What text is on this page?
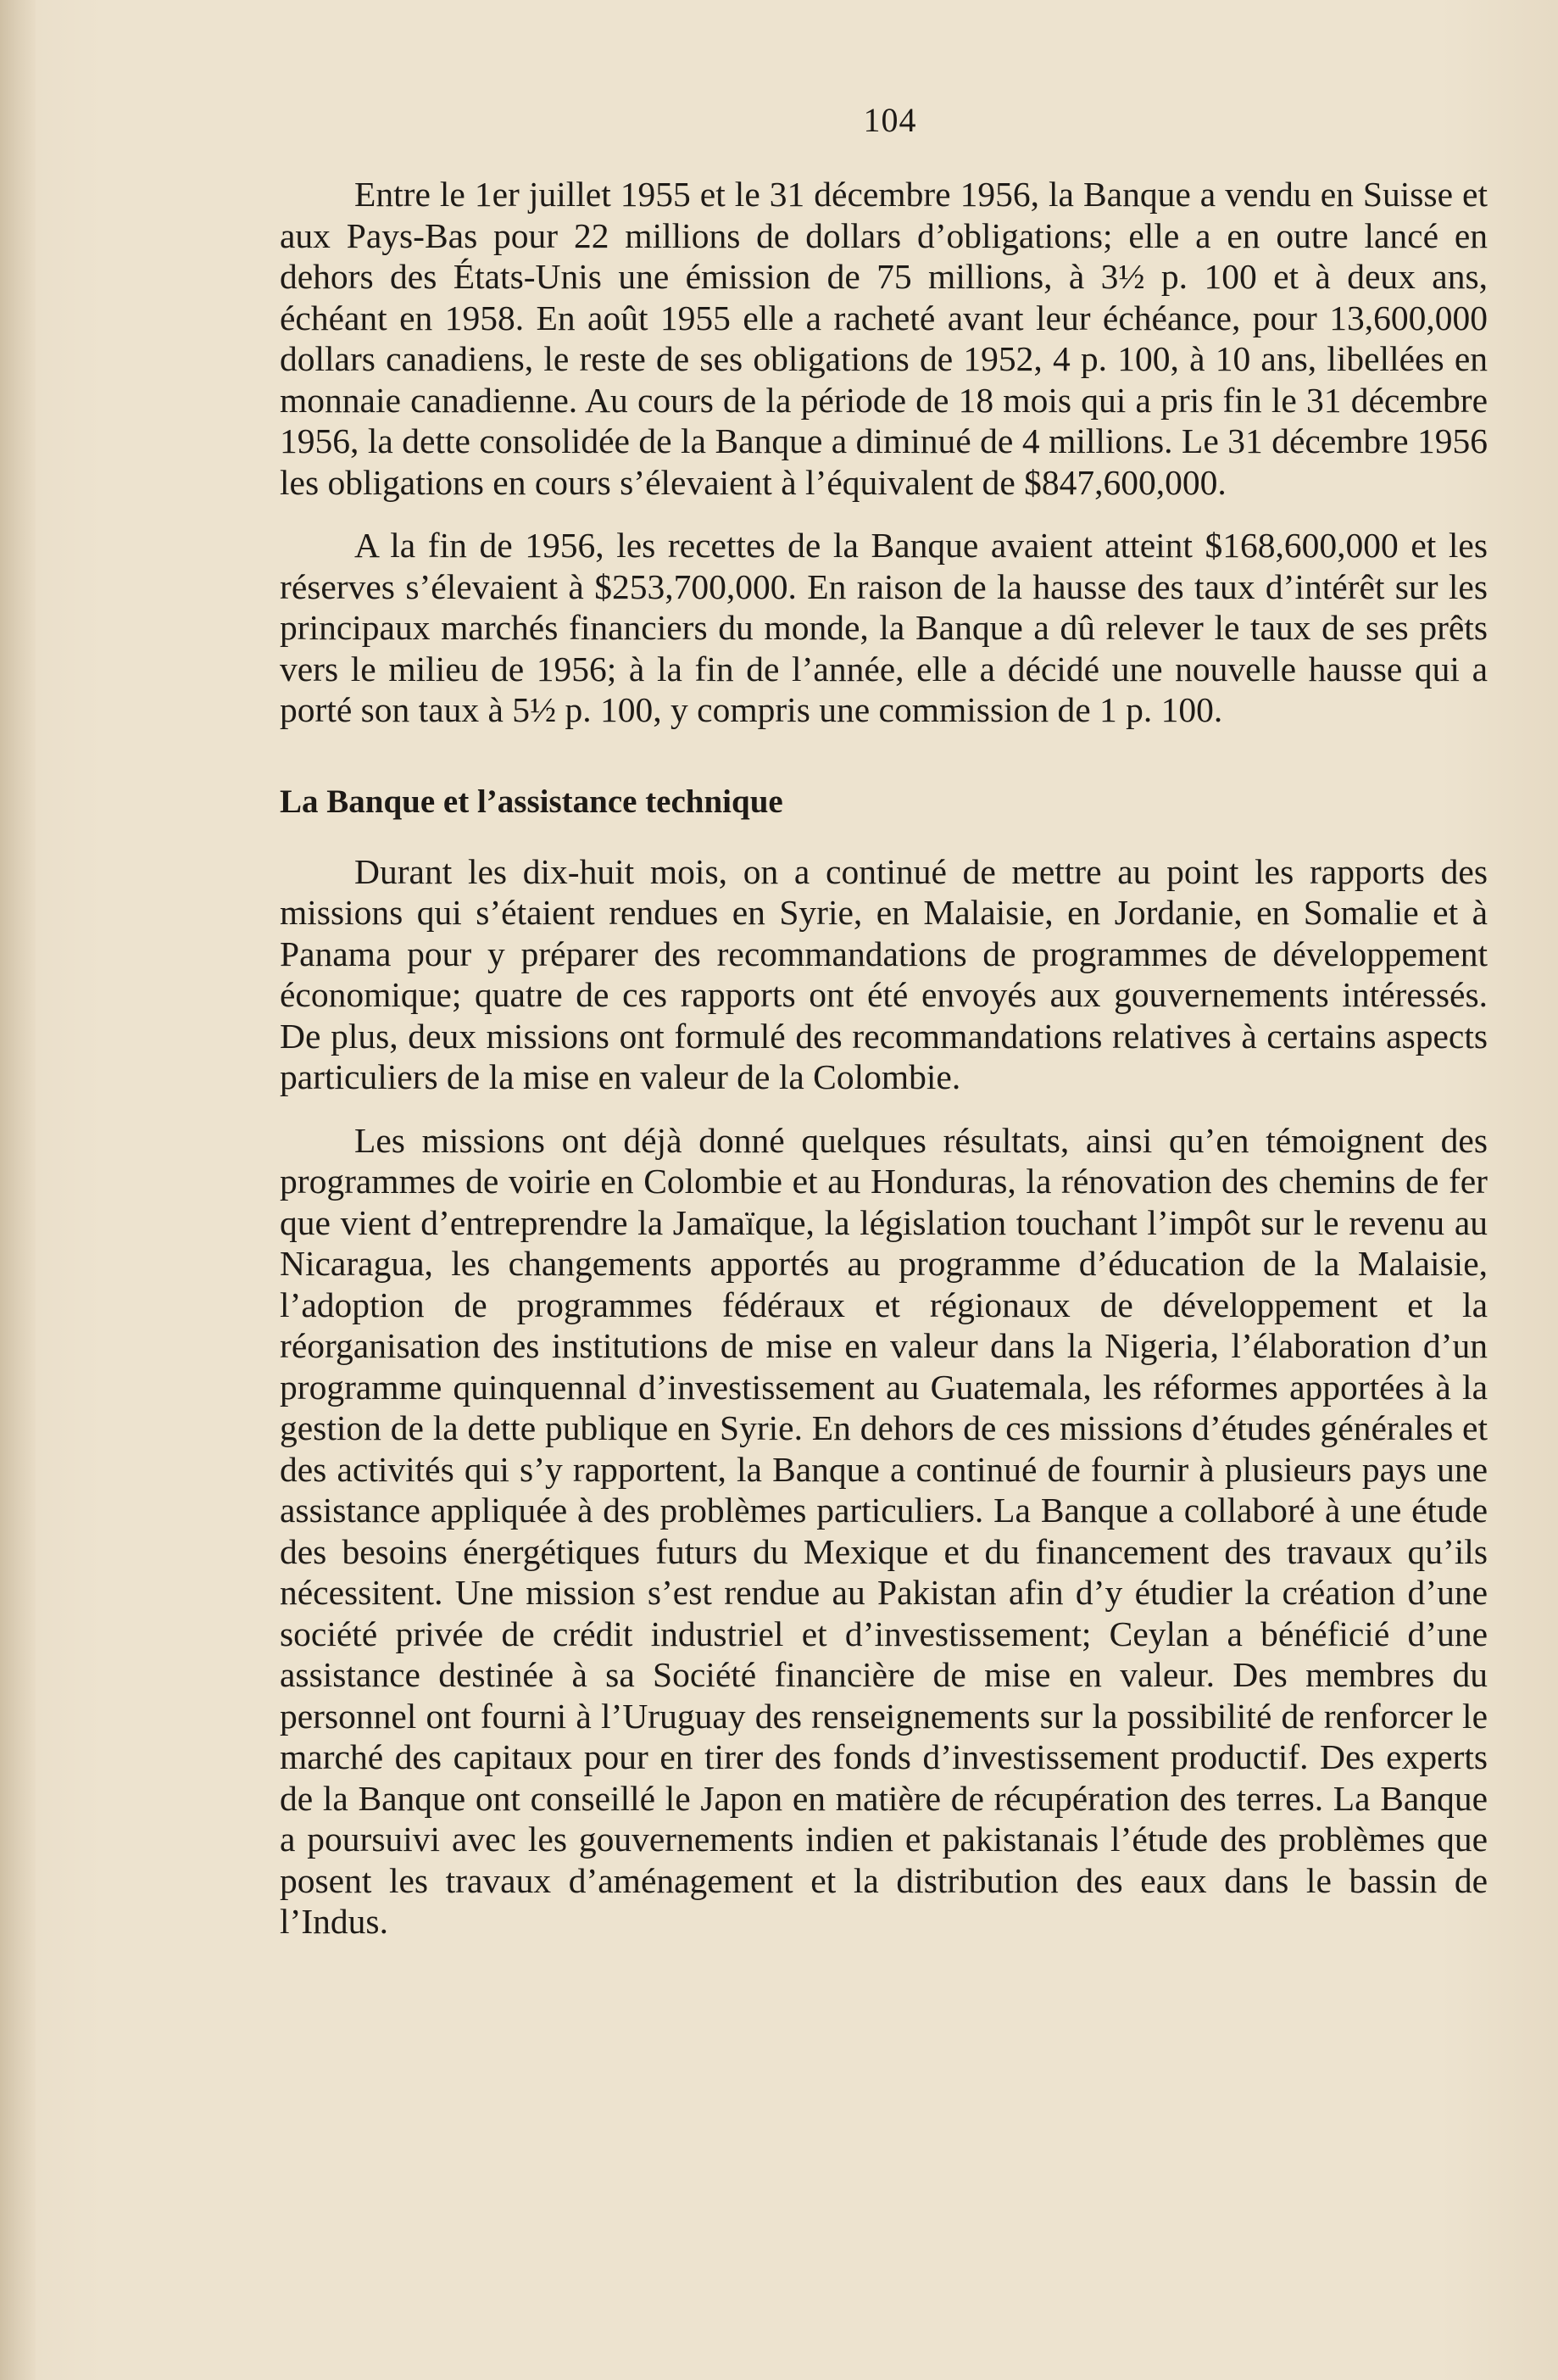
104

Entre le 1er juillet 1955 et le 31 décembre 1956, la Banque a vendu en Suisse et aux Pays-Bas pour 22 millions de dollars d’obligations; elle a en outre lancé en dehors des États-Unis une émission de 75 millions, à 3½ p. 100 et à deux ans, échéant en 1958. En août 1955 elle a racheté avant leur échéance, pour 13,600,000 dollars canadiens, le reste de ses obligations de 1952, 4 p. 100, à 10 ans, libellées en monnaie canadienne. Au cours de la période de 18 mois qui a pris fin le 31 décembre 1956, la dette consolidée de la Banque a diminué de 4 millions. Le 31 décembre 1956 les obligations en cours s’élevaient à l’équivalent de $847,600,000.

A la fin de 1956, les recettes de la Banque avaient atteint $168,600,000 et les réserves s’élevaient à $253,700,000. En raison de la hausse des taux d’intérêt sur les principaux marchés financiers du monde, la Banque a dû relever le taux de ses prêts vers le milieu de 1956; à la fin de l’année, elle a décidé une nouvelle hausse qui a porté son taux à 5½ p. 100, y compris une commission de 1 p. 100.

La Banque et l’assistance technique

Durant les dix-huit mois, on a continué de mettre au point les rapports des missions qui s’étaient rendues en Syrie, en Malaisie, en Jordanie, en Somalie et à Panama pour y préparer des recommandations de programmes de développement économique; quatre de ces rapports ont été envoyés aux gouvernements intéressés. De plus, deux missions ont formulé des recommandations relatives à certains aspects particuliers de la mise en valeur de la Colombie.

Les missions ont déjà donné quelques résultats, ainsi qu’en témoignent des programmes de voirie en Colombie et au Honduras, la rénovation des chemins de fer que vient d’entreprendre la Jamaïque, la législation touchant l’impôt sur le revenu au Nicaragua, les changements apportés au programme d’éducation de la Malaisie, l’adoption de programmes fédéraux et régionaux de développement et la réorganisation des institutions de mise en valeur dans la Nigeria, l’élaboration d’un programme quinquennal d’investissement au Guatemala, les réformes apportées à la gestion de la dette publique en Syrie. En dehors de ces missions d’études générales et des activités qui s’y rapportent, la Banque a continué de fournir à plusieurs pays une assistance appliquée à des problèmes particuliers. La Banque a collaboré à une étude des besoins énergétiques futurs du Mexique et du financement des travaux qu’ils nécessitent. Une mission s’est rendue au Pakistan afin d’y étudier la création d’une société privée de crédit industriel et d’investissement; Ceylan a bénéficié d’une assistance destinée à sa Société financière de mise en valeur. Des membres du personnel ont fourni à l’Uruguay des renseignements sur la possibilité de renforcer le marché des capitaux pour en tirer des fonds d’investissement productif. Des experts de la Banque ont conseillé le Japon en matière de récupération des terres. La Banque a poursuivi avec les gouvernements indien et pakistanais l’étude des problèmes que posent les travaux d’aménagement et la distribution des eaux dans le bassin de l’Indus.
